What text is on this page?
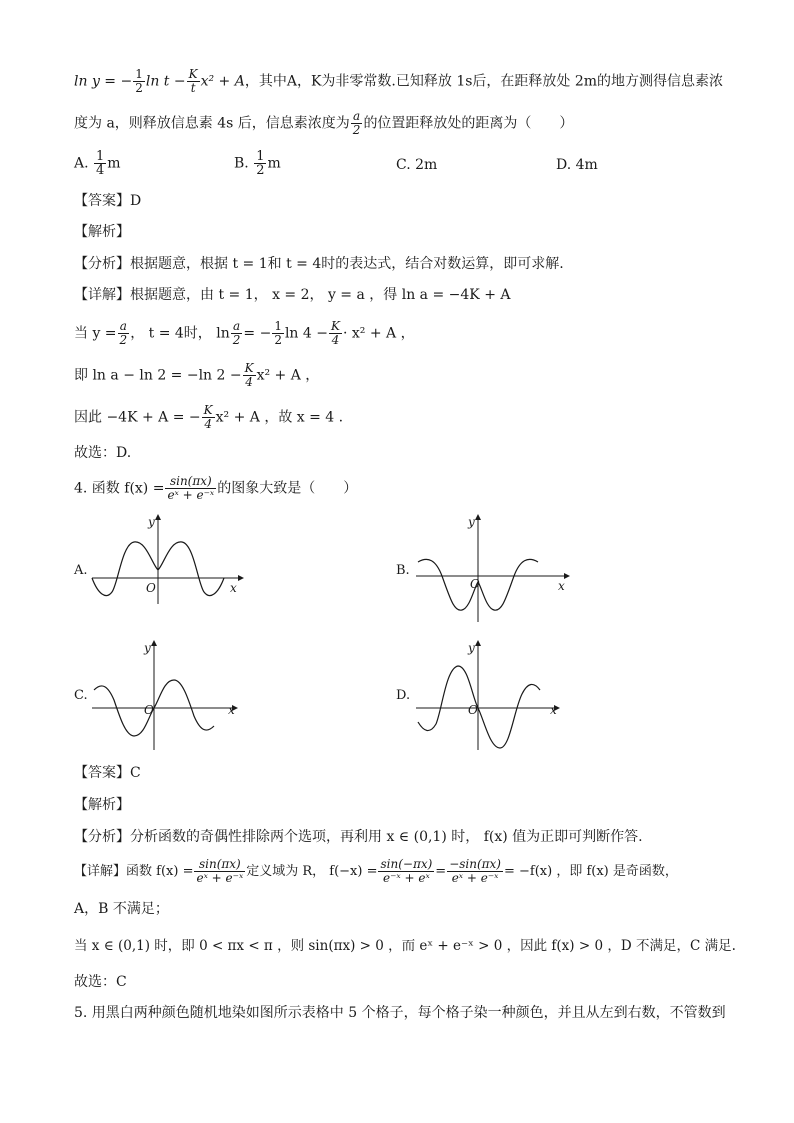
ln y = − $\frac{1}{2}$ $\ln t - \frac{K}{t} x^2 + A$，其中A，K为非零常数.已知释放 1s后，在距释放处 2m的地方测得信息素浓
度为 a，则释放信息素 4s 后，信息素浓度为 $\frac{a}{2}$ 的位置距释放处的距离为（　　）
A. $\frac{1}{4}$ m	B. $\frac{1}{2}$ m	C. 2m	D. 4m
【答案】D
【解析】
【分析】根据题意，根据 t = 1和 t = 4时的表达式，结合对数运算，即可求解.
【详解】根据题意，由 t = 1， x = 2， y = a ，得 ln a = −4K + A
当 $y = \frac{a}{2}$ ， t = 4时， $\ln \frac{a}{2}$ = − $\frac{1}{2}$ $\ln 4 - \frac{K}{4} \cdot x^2 + A$ ，
即 ln a − ln 2 = −ln $2 - \frac{K}{4} x^2 + A$ ，
因此 −4K + A = − $\frac{K}{4} x^2 + A$ ，故 x = 4 .
故选：D.
4. 函数 $f(x) = \frac{\sin(\pi x)}{\text{eˣ + e⁻ˣ}}$ 的图象大致是（　　）
A.	B.
C.	D.
x
y
O	x
y
O
x
y
O	x
y
O
【答案】C
【解析】
【分析】分析函数的奇偶性排除两个选项，再利用 x ∈ (0,1) 时， f(x) 值为正即可判断作答.
【详解】函数 $f(x) = \frac{\sin(\pi x)}{\text{eˣ + e⁻ˣ}}$ 定义域为 R， $f(-x) = \frac{\sin(-\pi x)}{\text{e⁻ˣ + eˣ}} = \frac{-\sin(\pi x)}{\text{eˣ + e⁻ˣ}} = -f(x)$ ，即 f(x) 是奇函数，
A，B 不满足；
当 x ∈ (0,1) 时，即 0 < πx < π ，则 sin(πx) > 0 ，而 eˣ + e⁻ˣ > 0 ，因此 f(x) > 0 ，D 不满足，C 满足.
故选：C
5. 用黑白两种颜色随机地染如图所示表格中 5 个格子，每个格子染一种颜色，并且从左到右数，不管数到
